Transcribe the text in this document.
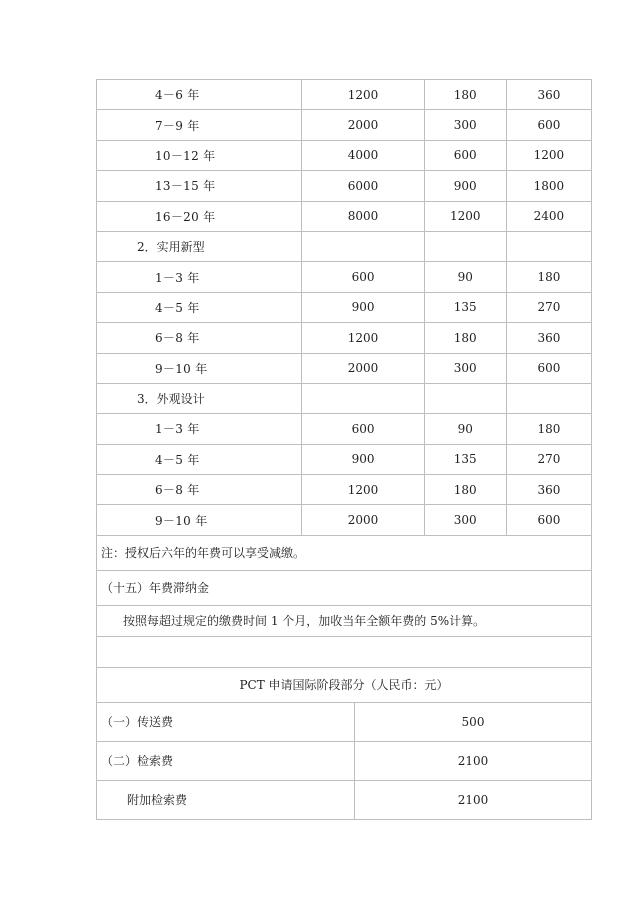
4－6 年	1200	180	360
7－9 年	2000	300	600
10－12 年	4000	600	1200
13－15 年	6000	900	1800
16－20 年	8000	1200	2400
2．实用新型			
1－3 年	600	90	180
4－5 年	900	135	270
6－8 年	1200	180	360
9－10 年	2000	300	600
3．外观设计			
1－3 年	600	90	180
4－5 年	900	135	270
6－8 年	1200	180	360
9－10 年	2000	300	600
注：授权后六年的年费可以享受减缴。			
（十五）年费滞纳金			
按照每超过规定的缴费时间 1 个月，加收当年全额年费的 5%计算。			

PCT 申请国际阶段部分（人民币：元）	
（一）传送费	500
（二）检索费	2100
附加检索费	2100
